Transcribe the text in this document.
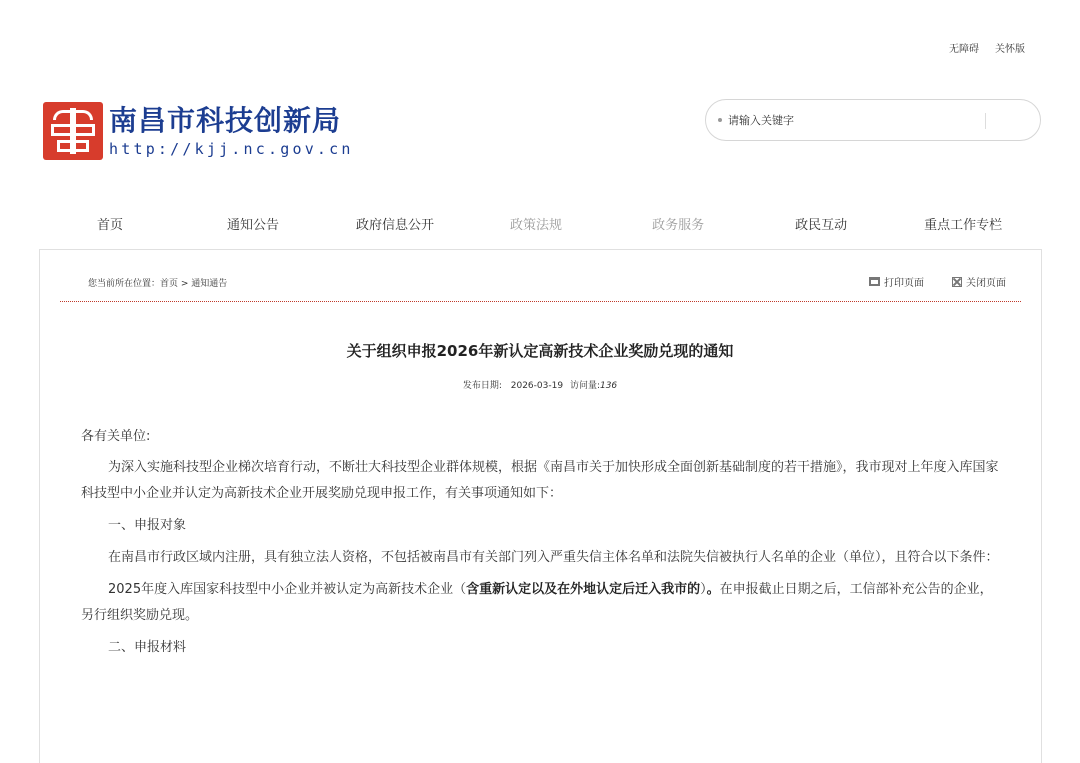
无障碍 关怀版
南昌市科技创新局
http://kjj.nc.gov.cn
请输入关键字
首页	通知公告	政府信息公开	政策法规	政务服务	政民互动	重点工作专栏
您当前所在位置：首页 > 通知通告	打印页面	关闭页面
关于组织申报2026年新认定高新技术企业奖励兑现的通知
发布日期: 2026-03-19 访问量:136

各有关单位:

为深入实施科技型企业梯次培育行动，不断壮大科技型企业群体规模，根据《南昌市关于加快形成全面创新基础制度的若干措施》，我市现对上年度入库国家科技型中小企业并认定为高新技术企业开展奖励兑现申报工作，有关事项通知如下：

一、申报对象

在南昌市行政区域内注册，具有独立法人资格，不包括被南昌市有关部门列入严重失信主体名单和法院失信被执行人名单的企业（单位），且符合以下条件：

2025年度入库国家科技型中小企业并被认定为高新技术企业（含重新认定以及在外地认定后迁入我市的）。在申报截止日期之后，工信部补充公告的企业，另行组织奖励兑现。

二、申报材料
